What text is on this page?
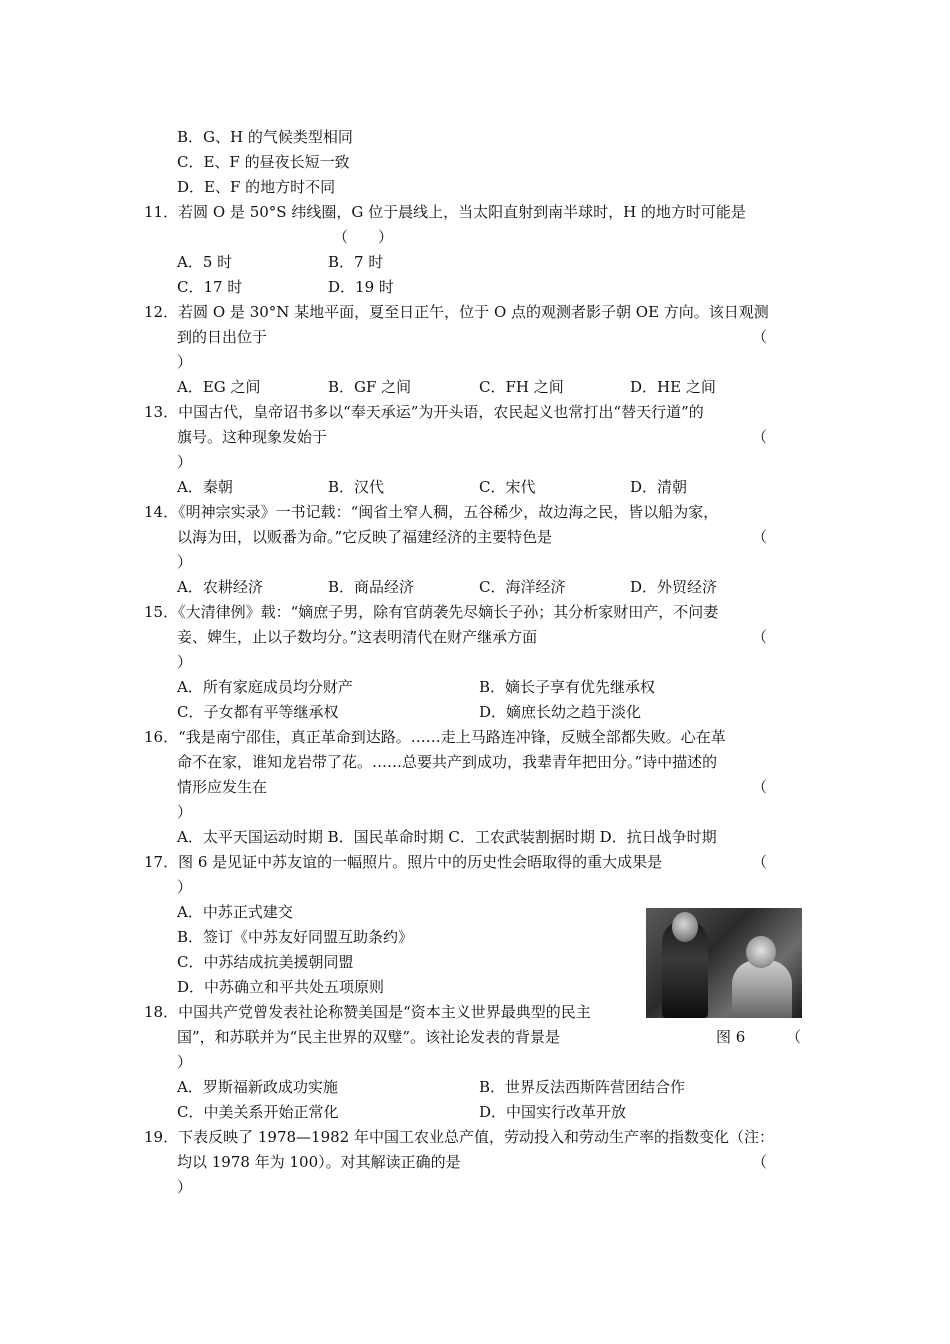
B．G、H 的气候类型相同
C．E、F 的昼夜长短一致
D．E、F 的地方时不同
11．若圆 O 是 50°S 纬线圈，G 位于晨线上，当太阳直射到南半球时，H 的地方时可能是
（　　）
A．5 时	B．7 时
C．17 时	D．19 时
12．若圆 O 是 30°N 某地平面，夏至日正午，位于 O 点的观测者影子朝 OE 方向。该日观测
到的日出位于	（
）
A．EG 之间	B．GF 之间	C．FH 之间	D．HE 之间
13．中国古代，皇帝诏书多以“奉天承运”为开头语，农民起义也常打出“替天行道”的
旗号。这种现象发始于	（
）
A．秦朝	B．汉代	C．宋代	D．清朝
14．《明神宗实录》一书记载：“闽省土窄人稠，五谷稀少，故边海之民，皆以船为家，
以海为田，以贩番为命。”它反映了福建经济的主要特色是	（
）
A．农耕经济	B．商品经济	C．海洋经济	D．外贸经济
15．《大清律例》载：“嫡庶子男，除有官荫袭先尽嫡长子孙；其分析家财田产，不问妻
妾、婢生，止以子数均分。”这表明清代在财产继承方面	（
）
A．所有家庭成员均分财产	B．嫡长子享有优先继承权
C．子女都有平等继承权	D．嫡庶长幼之趋于淡化
16．“我是南宁邵佳，真正革命到达路。……走上马路连冲锋，反贼全部都失败。心在革
命不在家，谁知龙岩带了花。……总要共产到成功，我辈青年把田分。”诗中描述的
情形应发生在	（
）
A．太平天国运动时期 B．国民革命时期 C．工农武装割据时期 D．抗日战争时期
17．图 6 是见证中苏友谊的一幅照片。照片中的历史性会晤取得的重大成果是	（
）
A．中苏正式建交
B．签订《中苏友好同盟互助条约》
C．中苏结成抗美援朝同盟
D．中苏确立和平共处五项原则
18．中国共产党曾发表社论称赞美国是“资本主义世界最典型的民主
国”，和苏联并为“民主世界的双璧”。该社论发表的背景是	图 6	（
）
A．罗斯福新政成功实施	B．世界反法西斯阵营团结合作
C．中美关系开始正常化	D．中国实行改革开放
19．下表反映了 1978—1982 年中国工农业总产值，劳动投入和劳动生产率的指数变化（注：
均以 1978 年为 100）。对其解读正确的是	（
）
